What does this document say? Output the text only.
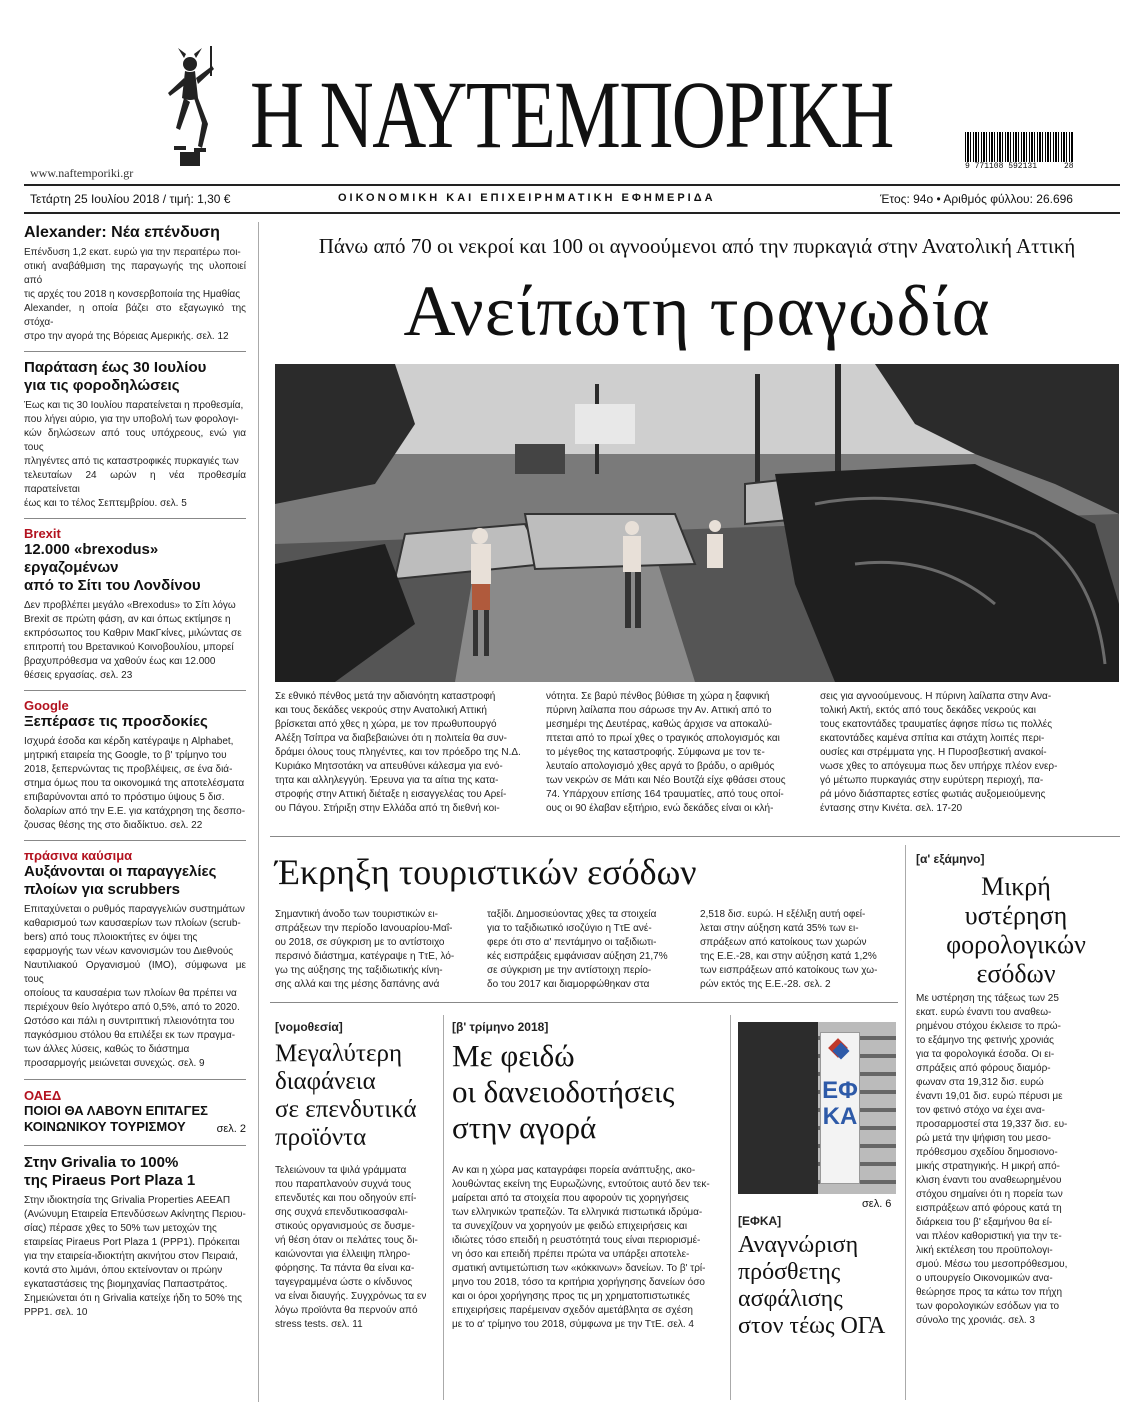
Η ΝΑΥΤΕΜΠΟΡΙΚΗ
www.naftemporiki.gr	9 771108 592131	28
Τετάρτη 25 Ιουλίου 2018 / τιμή: 1,30 €	ΟΙΚΟΝΟΜΙΚΗ ΚΑΙ ΕΠΙΧΕΙΡΗΜΑΤΙΚΗ ΕΦΗΜΕΡΙΔΑ	Έτος: 94ο • Αριθμός φύλλου: 26.696
Alexander: Νέα επένδυση
Επένδυση 1,2 εκατ. ευρώ για την περαιτέρω ποι-
οτική αναβάθμιση της παραγωγής της υλοποιεί από
τις αρχές του 2018 η κονσερβοποιία της Ημαθίας
Alexander, η οποία βάζει στο εξαγωγικό της στόχα-
στρο την αγορά της Βόρειας Αμερικής. σελ. 12
Παράταση έως 30 Ιουλίου
για τις φοροδηλώσεις
Έως και τις 30 Ιουλίου παρατείνεται η προθεσμία,
που λήγει αύριο, για την υποβολή των φορολογι-
κών δηλώσεων από τους υπόχρεους, ενώ για τους
πληγέντες από τις καταστροφικές πυρκαγιές των
τελευταίων 24 ωρών η νέα προθεσμία παρατείνεται
έως και το τέλος Σεπτεμβρίου. σελ. 5
Brexit
12.000 «brexodus» εργαζομένων
από το Σίτι του Λονδίνου
Δεν προβλέπει μεγάλο «Brexodus» το Σίτι λόγω
Brexit σε πρώτη φάση, αν και όπως εκτίμησε η
εκπρόσωπος του Καθριν ΜακΓκίνες, μιλώντας σε
επιτροπή του Βρετανικού Κοινοβουλίου, μπορεί
βραχυπρόθεσμα να χαθούν έως και 12.000
θέσεις εργασίας. σελ. 23
Google
Ξεπέρασε τις προσδοκίες
Ισχυρά έσοδα και κέρδη κατέγραψε η Alphabet,
μητρική εταιρεία της Google, το β' τρίμηνο του
2018, ξεπερνώντας τις προβλέψεις, σε ένα διά-
στημα όμως που τα οικονομικά της αποτελέσματα
επιβαρύνονται από το πρόστιμο ύψους 5 δισ.
δολαρίων από την Ε.Ε. για κατάχρηση της δεσπο-
ζουσας θέσης της στο διαδίκτυο. σελ. 22
πράσινα καύσιμα
Αυξάνονται οι παραγγελίες
πλοίων για scrubbers
Επιταχύνεται ο ρυθμός παραγγελιών συστημάτων
καθαρισμού των καυσαερίων των πλοίων (scrub-
bers) από τους πλοιοκτήτες εν όψει της
εφαρμογής των νέων κανονισμών του Διεθνούς
Ναυτιλιακού Οργανισμού (ΙΜΟ), σύμφωνα με τους
οποίους τα καυσαέρια των πλοίων θα πρέπει να
περιέχουν θείο λιγότερο από 0,5%, από το 2020.
Ωστόσο και πάλι η συντριπτική πλειονότητα του
παγκόσμιου στόλου θα επιλέξει εκ των πραγμα-
των άλλες λύσεις, καθώς το διάστημα
προσαρμογής μειώνεται συνεχώς. σελ. 9
ΟΑΕΔ
ΠΟΙΟΙ ΘΑ ΛΑΒΟΥΝ ΕΠΙΤΑΓΕΣ
ΚΟΙΝΩΝΙΚΟΥ ΤΟΥΡΙΣΜΟΥ	σελ. 2
Στην Grivalia το 100%
της Piraeus Port Plaza 1
Στην ιδιοκτησία της Grivalia Properties ΑΕΕΑΠ
(Ανώνυμη Εταιρεία Επενδύσεων Ακίνητης Περιου-
σίας) πέρασε χθες το 50% των μετοχών της
εταιρείας Piraeus Port Plaza 1 (PPP1). Πρόκειται
για την εταιρεία-ιδιοκτήτη ακινήτου στον Πειραιά,
κοντά στο λιμάνι, όπου εκτείνονταν οι πρώην
εγκαταστάσεις της βιομηχανίας Παπαστράτος.
Σημειώνεται ότι η Grivalia κατείχε ήδη το 50% της
PPP1. σελ. 10
Πάνω από 70 οι νεκροί και 100 οι αγνοούμενοι από την πυρκαγιά στην Ανατολική Αττική
Ανείπωτη τραγωδία
Σε εθνικό πένθος μετά την αδιανόητη καταστροφή
και τους δεκάδες νεκρούς στην Ανατολική Αττική
βρίσκεται από χθες η χώρα, με τον πρωθυπουργό
Αλέξη Τσίπρα να διαβεβαιώνει ότι η πολιτεία θα συν-
δράμει όλους τους πληγέντες, και τον πρόεδρο της Ν.Δ.
Κυριάκο Μητσοτάκη να απευθύνει κάλεσμα για ενό-
τητα και αλληλεγγύη. Έρευνα για τα αίτια της κατα-
στροφής στην Αττική διέταξε η εισαγγελέας του Αρεί-
ου Πάγου. Στήριξη στην Ελλάδα από τη διεθνή κοι-
νότητα. Σε βαρύ πένθος βύθισε τη χώρα η ξαφνική
πύρινη λαίλαπα που σάρωσε την Αν. Αττική από το
μεσημέρι της Δευτέρας, καθώς άρχισε να αποκαλύ-
πτεται από το πρωί χθες ο τραγικός απολογισμός και
το μέγεθος της καταστροφής. Σύμφωνα με τον τε-
λευταίο απολογισμό χθες αργά το βράδυ, ο αριθμός
των νεκρών σε Μάτι και Νέο Βουτζά είχε φθάσει στους
74. Υπάρχουν επίσης 164 τραυματίες, από τους οποί-
ους οι 90 έλαβαν εξιτήριο, ενώ δεκάδες είναι οι κλή-
σεις για αγνοούμενους. Η πύρινη λαίλαπα στην Ανα-
τολική Ακτή, εκτός από τους δεκάδες νεκρούς και
τους εκατοντάδες τραυματίες άφησε πίσω τις πολλές
εκατοντάδες καμένα σπίτια και στάχτη λοιπές περι-
ουσίες και στρέμματα γης. Η Πυροσβεστική ανακοί-
νωσε χθες το απόγευμα πως δεν υπήρχε πλέον ενερ-
γό μέτωπο πυρκαγιάς στην ευρύτερη περιοχή, πα-
ρά μόνο διάσπαρτες εστίες φωτιάς αυξομειούμενης
έντασης στην Κινέτα. σελ. 17-20
Έκρηξη τουριστικών εσόδων
Σημαντική άνοδο των τουριστικών ει-
σπράξεων την περίοδο Ιανουαρίου-Μαΐ-
ου 2018, σε σύγκριση με το αντίστοιχο
περσινό διάστημα, κατέγραψε η ΤτΕ, λό-
γω της αύξησης της ταξιδιωτικής κίνη-
σης αλλά και της μέσης δαπάνης ανά
ταξίδι. Δημοσιεύοντας χθες τα στοιχεία
για το ταξιδιωτικό ισοζύγιο η ΤτΕ ανέ-
φερε ότι στο α' πεντάμηνο οι ταξιδιωτι-
κές εισπράξεις εμφάνισαν αύξηση 21,7%
σε σύγκριση με την αντίστοιχη περίο-
δο του 2017 και διαμορφώθηκαν στα
2,518 δισ. ευρώ. Η εξέλιξη αυτή οφεί-
λεται στην αύξηση κατά 35% των ει-
σπράξεων από κατοίκους των χωρών
της Ε.Ε.-28, και στην αύξηση κατά 1,2%
των εισπράξεων από κατοίκους των χω-
ρών εκτός της Ε.Ε.-28. σελ. 2
[νομοθεσία]
Μεγαλύτερη
διαφάνεια
σε επενδυτικά
προϊόντα
Τελειώνουν τα ψιλά γράμματα
που παραπλανούν συχνά τους
επενδυτές και που οδηγούν επί-
σης συχνά επενδυτικοασφαλι-
στικούς οργανισμούς σε δυσμε-
νή θέση όταν οι πελάτες τους δι-
καιώνονται για έλλειψη πληρο-
φόρησης. Τα πάντα θα είναι κα-
ταγεγραμμένα ώστε ο κίνδυνος
να είναι διαυγής. Συγχρόνως τα εν
λόγω προϊόντα θα περνούν από
stress tests. σελ. 11
[β' τρίμηνο 2018]
Με φειδώ
οι δανειοδοτήσεις
στην αγορά
Αν και η χώρα μας καταγράφει πορεία ανάπτυξης, ακο-
λουθώντας εκείνη της Ευρωζώνης, εντούτοις αυτό δεν τεκ-
μαίρεται από τα στοιχεία που αφορούν τις χορηγήσεις
των ελληνικών τραπεζών. Τα ελληνικά πιστωτικά ιδρύμα-
τα συνεχίζουν να χορηγούν με φειδώ επιχειρήσεις και
ιδιώτες τόσο επειδή η ρευστότητά τους είναι περιορισμέ-
νη όσο και επειδή πρέπει πρώτα να υπάρξει αποτελε-
σματική αντιμετώπιση των «κόκκινων» δανείων. Το β' τρί-
μηνο του 2018, τόσο τα κριτήρια χορήγησης δανείων όσο
και οι όροι χορήγησης προς τις μη χρηματοπιστωτικές
επιχειρήσεις παρέμειναν σχεδόν αμετάβλητα σε σχέση
με το α' τρίμηνο του 2018, σύμφωνα με την ΤτΕ. σελ. 4
ΕΦΚΑ
σελ. 6
[ΕΦΚΑ]
Αναγνώριση
πρόσθετης
ασφάλισης
στον τέως ΟΓΑ
[α' εξάμηνο]
Μικρή
υστέρηση
φορολογικών
εσόδων
Με υστέρηση της τάξεως των 25
εκατ. ευρώ έναντι του αναθεω-
ρημένου στόχου έκλεισε το πρώ-
το εξάμηνο της φετινής χρονιάς
για τα φορολογικά έσοδα. Οι ει-
σπράξεις από φόρους διαμόρ-
φωναν στα 19,312 δισ. ευρώ
έναντι 19,01 δισ. ευρώ πέρυσι με
τον φετινό στόχο να έχει ανα-
προσαρμοστεί στα 19,337 δισ. ευ-
ρώ μετά την ψήφιση του μεσο-
πρόθεσμου σχεδίου δημοσιονο-
μικής στρατηγικής. Η μικρή από-
κλιση έναντι του αναθεωρημένου
στόχου σημαίνει ότι η πορεία των
εισπράξεων από φόρους κατά τη
διάρκεια του β' εξαμήνου θα εί-
ναι πλέον καθοριστική για την τε-
λική εκτέλεση του προϋπολογι-
σμού. Μέσω του μεσοπρόθεσμου,
ο υπουργείο Οικονομικών ανα-
θεώρησε προς τα κάτω τον πήχη
των φορολογικών εσόδων για το
σύνολο της χρονιάς. σελ. 3
